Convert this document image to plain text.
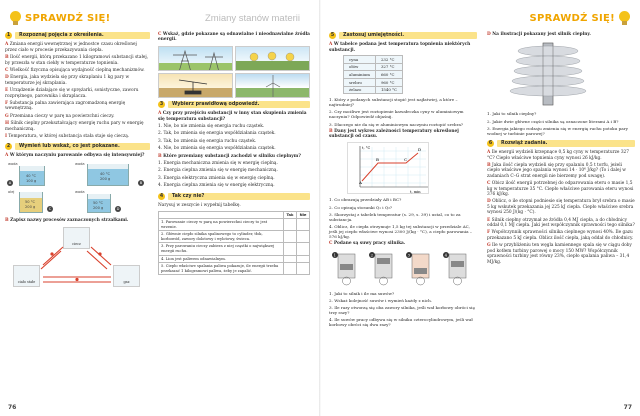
SPRAWDŹ SIĘ!	Zmiany stanów materii	SPRAWDŹ SIĘ!
1	Rozpoznaj pojęcia z określenia.
A Zmiana energii wewnętrznej w jednostce czasu określonej przez ciało w procesie przekazywania ciepła.
B Ilość energii, którą przekazano 1 kilogramowi substancji stałej, by przeszła w stan ciekły w temperaturze topnienia.
C Wielkość fizyczna opisująca wydajność cieplną mechanizmów.
D Energia, jaka wydziela się przy skraplaniu 1 kg pary w temperaturze jej skraplania.
E Urządzenie działające się w sprężarki, sonistyczne, zaworu rozprężnego, parownika i skraplacza.
F Substancja palna zawierająca zagromadzoną energię wewnętrzną.
G Przemiana cieczy w parę na powierzchni cieczy.
H Silnik cieplny przekształcający energię ruchu pary w energię mechaniczną.
I Temperatura, w której substancja stała staje się cieczą.
2	Wymień lub wskaż, co jest pokazane.
A W którym naczyniu parowanie odbywa się intensywniej?
woda
40 °C
100 g
A
woda
40 °C
200 g
B
olej
50 °C
200 g	C
woda
50 °C
200 g	D
B Zapisz nazwy procesów zaznaczonych strzałkami.
ciecz
ciało stałe	gaz
C Wskaż, gdzie pokazane są odnawialne i nieodnawialne źródła energii.
3	Wybierz prawidłową odpowiedź.
A Czy przy przejściu substancji w inny stan skupienia zmienia się temperatura substancji?
1. Nie, bo nie zmienia się energia ruchu cząstek.
2. Tak, bo zmienia się energia współdziałania cząstek.
3. Tak, bo zmienia się energia ruchu cząstek.
4. Nie, bo zmienia się energia współdziałania cząstek.
B Które przemiany substancji zachodzi w silniku cieplnym?
1. Energia mechaniczna zmienia się w energię cieplną.
2. Energia cieplna zmienia się w energię mechaniczną.
3. Energia elektryczna zmienia się w energię cieplną.
4. Energia cieplna zmienia się w energię elektryczną.
4	Tak czy nie?
Narysuj w zeszycie i wypełnij tabelkę.
	Tak	Nie
1. Parowanie cieczy w parę na powierzchni cieczy to jest wrzenie.		
2. Głównie ciepło silnika spalinowego to cylinder, tłok, korbowód, zawory dolotowy i wylotowy, świeca.		
3. Przy parowaniu cieczy zabiera z niej cząstki o największej energii ruchu.		
4. Lion jest paliwem odnawialnym.		
5. Ciepło właściwe spalania paliwa pokazuje, ile energii trzeba przekazać 1 kilogramowi paliwa, żeby je zapalić.		
5	Zastosuj umiejętności.
A W tabelce podana jest temperatura topnienia niektórych substancji.
cyna	232 °C
ołów	327 °C
aluminium	660 °C
srebro	960 °C
żelazo	1540 °C
1. Który z podanych substancji stopić jest najłatwiej, a które – najtrudniej?
2. Czy możliwe jest roztopienie kawałeczka cyny w aluminiowym naczyniu? Odpowiedź objaśnij.
3. Dlaczego nie da się w aluminiowym naczyniu roztopić srebra?
B Dany jest wykres zależności temperatury określonej substancji od czasu.
A
B	C
D
t, min
t, °C
1. Co obrazują przedziały AB i BC?
2. Co opisują stosunki Q₁ i Q₂?
3. Skorzystaj z tabelek temperatur (s. 29, s. 39) i ustal, co to za substancja.
4. Oblicz, ile ciepła otrzymuje 1,5 kg tej substancji w przedziale AC, jeśli jej ciepło właściwe wynosi 2300 J/(kg · °C), a ciepło parowania – 576 kJ/kg.
C Podane są suwy pracy silnika.
1	2	3	4
1. Jaki to silnik i ile ma suwów?
2. Wskaż kolejność suwów i wymień każdy z nich.
3. Ile razy otworzą się oba zawory silnika, jeśli wał korbowy obróci się trzy razy?
4. Ile suwów pracy odbywa się w silniku czterocylindrowym, jeśli wał korbowy obróci się dwa razy?
D Na ilustracji pokazany jest silnik cieplny.
1. Jaki to silnik cieplny?
2. Jakie dwie główne części silnika są oznaczone literami A i B?
3. Energia jakiego rodzaju zmienia się w energię ruchu potoku pary wodnej w turbinie parowej?
6	Rozwiąż zadania.
A Ile energii wydzieli krzepnące 0,5 kg cyny w temperaturze 327 °C? Ciepło właściwe topnienia cyny wynosi 26 kJ/kg.
B Jaka ilość ciepła wydzieli się przy spalaniu 0,5 t torfu, jeżeli ciepło właściwe jego spalania wynosi 14 · 10⁶ J/kg? (To i dalej w zadaniach C–G strat energii nie bierzemy pod uwagę).
C Obicz ilość energii potrzebnej do odparowania eteru o masie 1,5 kg w temperaturze 35 °C. Ciepło właściwe parowania eteru wynosi 376 kJ/kg.
D Oblicz, o ile stopni podniesie się temperatura brył srebra o masie 5 kg wskutek przekazania jej 225 kJ ciepła. Ciepło właściwe srebra wynosi 250 J/(kg · °C).
E Silnik ciepłny otrzymał ze źródła 0,4 MJ ciepła, a do chłodnicy oddał 0,1 MJ ciepła. Jaki jest współczynnik sprawności tego silnika?
F Współczynnik sprawności silnika cieplnego wynosi 40%. Ile gazu przekazano 5 kJ ciepła. Oblicz ilość ciepła, jaką oddał do chłodnicy.
G Ile w przybliżeniu ten węgla kamiennego spala się w ciągu doby pod kotłem turbiny parowej o mocy 150 MW? Współczynnik sprawności turbiny jest równy 23%, ciepło spalania paliwa – 31,4 MJ/kg.
76	77
